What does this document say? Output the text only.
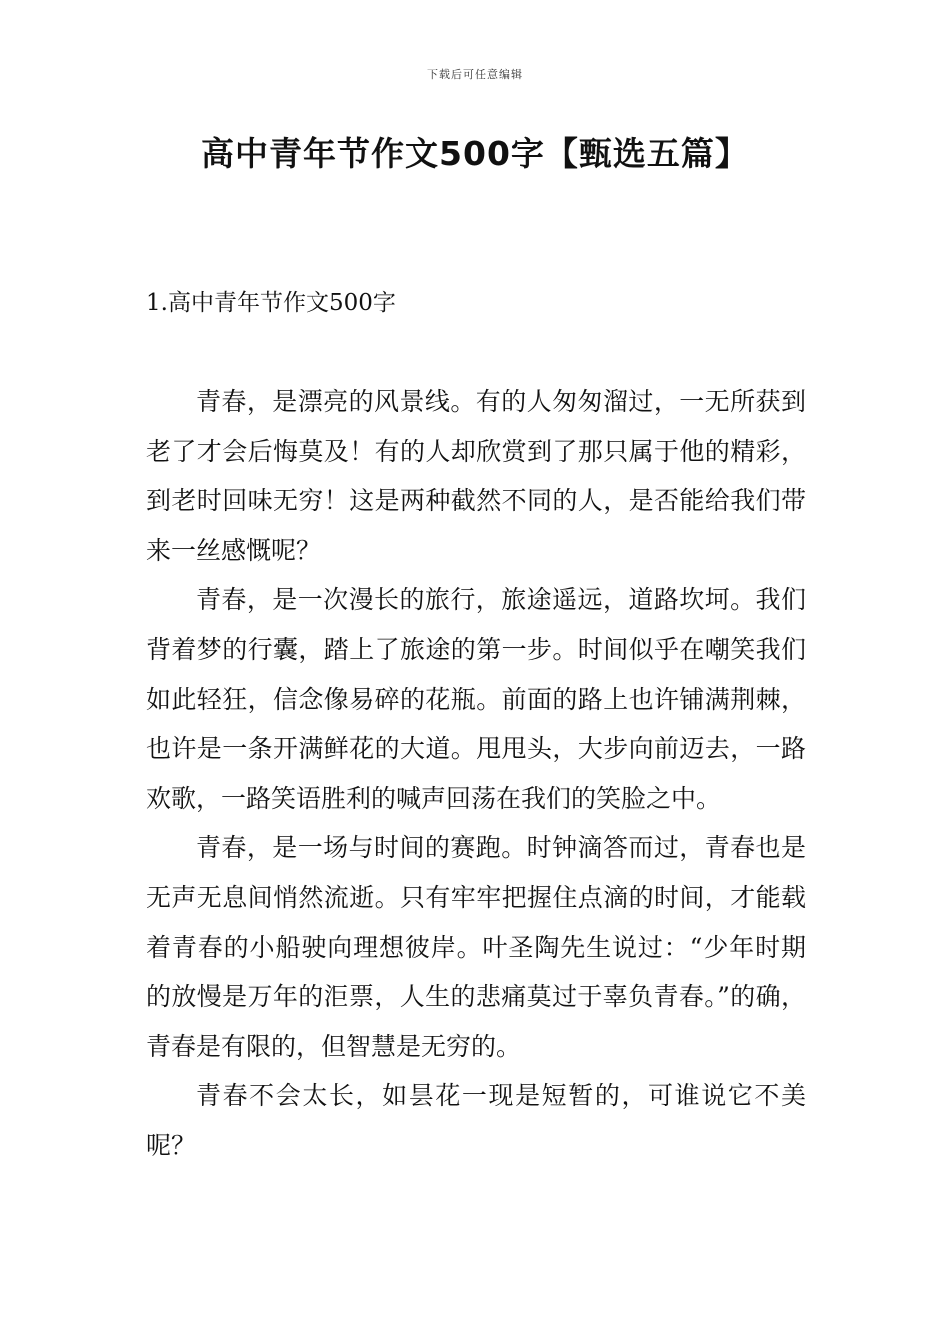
下载后可任意编辑
高中青年节作文500字【甄选五篇】
1.高中青年节作文500字

青春，是漂亮的风景线。有的人匆匆溜过，一无所获到老了才会后悔莫及！有的人却欣赏到了那只属于他的精彩，到老时回味无穷！这是两种截然不同的人，是否能给我们带来一丝感慨呢？

青春，是一次漫长的旅行，旅途遥远，道路坎坷。我们背着梦的行囊，踏上了旅途的第一步。时间似乎在嘲笑我们如此轻狂，信念像易碎的花瓶。前面的路上也许铺满荆棘，也许是一条开满鲜花的大道。甩甩头，大步向前迈去，一路欢歌，一路笑语胜利的喊声回荡在我们的笑脸之中。

青春，是一场与时间的赛跑。时钟滴答而过，青春也是无声无息间悄然流逝。只有牢牢把握住点滴的时间，才能载着青春的小船驶向理想彼岸。叶圣陶先生说过：“少年时期的放慢是万年的洰票，人生的悲痛莫过于辜负青春。”的确，青春是有限的，但智慧是无穷的。

青春不会太长，如昙花一现是短暂的，可谁说它不美呢？
